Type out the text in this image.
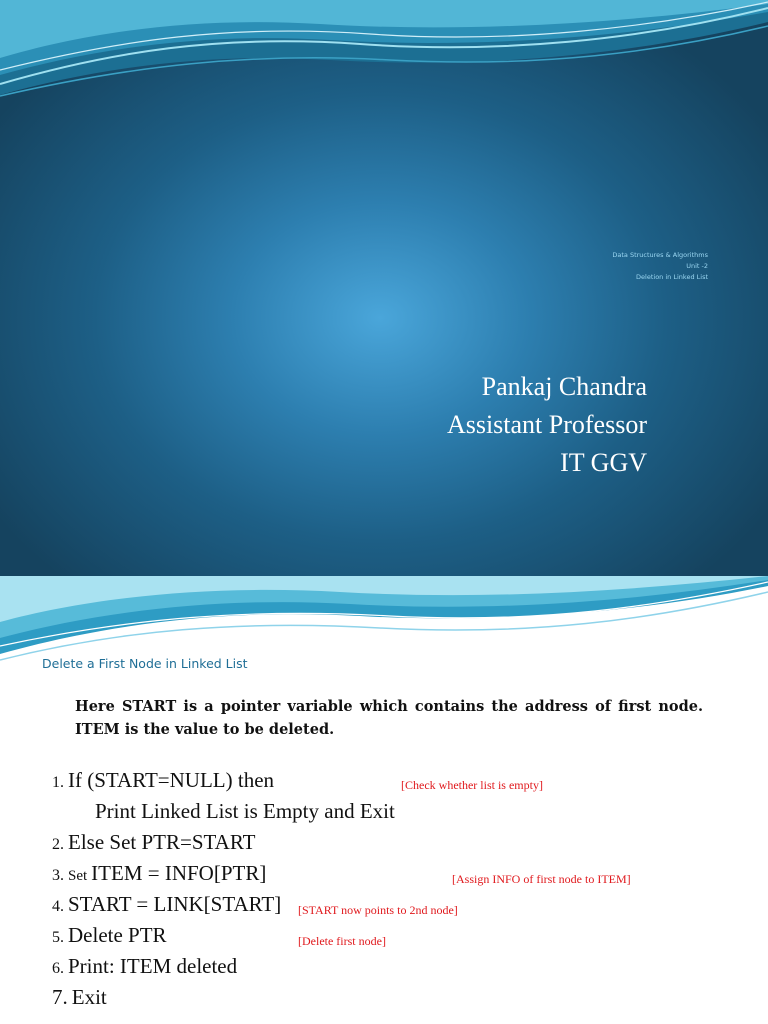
Data Structures & Algorithms
Unit -2
Deletion in Linked List
Pankaj Chandra
Assistant Professor
IT GGV
Delete a First Node in Linked List
Here START is a pointer variable which contains the address of first node. ITEM is the value to be deleted.
1. If (START=NULL) then	[Check whether list is empty]
Print Linked List is Empty and Exit
2. Else Set PTR=START
3. Set ITEM = INFO[PTR]	[Assign INFO of first node to ITEM]
4. START = LINK[START] [START now points to 2nd node]
5. Delete PTR	[Delete first node]
6. Print: ITEM deleted
7. Exit
